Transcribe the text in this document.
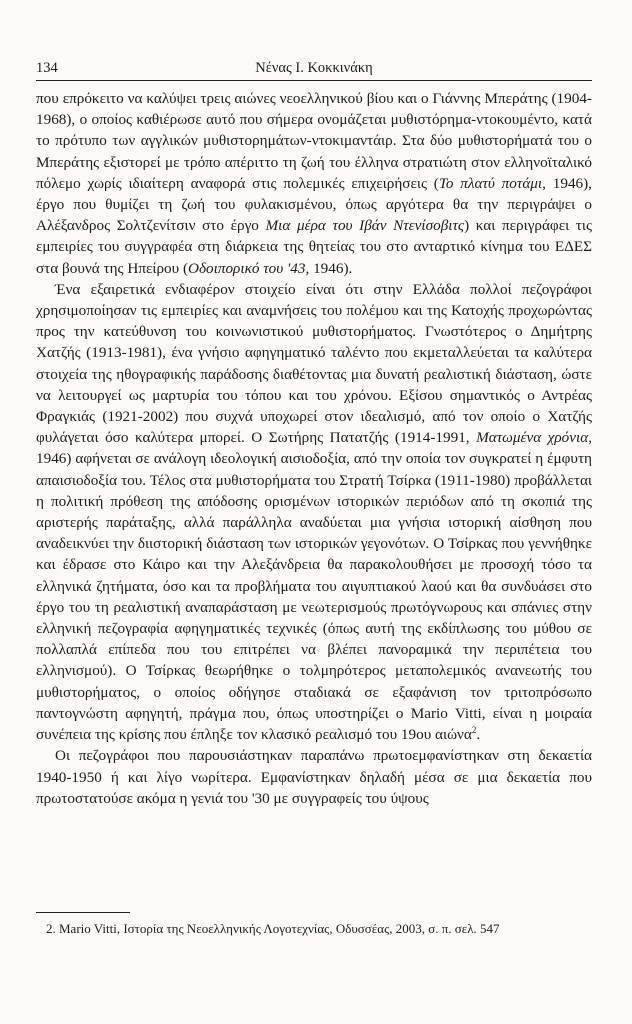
134	Νένας Ι. Κοκκινάκη

που επρόκειτο να καλύψει τρεις αιώνες νεοελληνικού βίου και ο Γιάννης Μπεράτης (1904-1968), ο οποίος καθιέρωσε αυτό που σήμερα ονομάζεται μυθιστόρημα-ντοκουμέντο, κατά το πρότυπο των αγγλικών μυθιστορημάτων-ντοκιμαντάιρ. Στα δύο μυθιστορήματά του ο Μπεράτης εξιστορεί με τρόπο απέριττο τη ζωή του έλληνα στρατιώτη στον ελληνοϊταλικό πόλεμο χωρίς ιδιαίτερη αναφορά στις πολεμικές επιχειρήσεις (Το πλατύ ποτάμι, 1946), έργο που θυμίζει τη ζωή του φυλακισμένου, όπως αργότερα θα την περιγράψει ο Αλέξανδρος Σολτζενίτσιν στο έργο Μια μέρα του Ιβάν Ντενίσοβιτς) και περιγράφει τις εμπειρίες του συγγραφέα στη διάρκεια της θητείας του στο ανταρτικό κίνημα του ΕΔΕΣ στα βουνά της Ηπείρου (Οδοιπορικό του '43, 1946).

Ένα εξαιρετικά ενδιαφέρον στοιχείο είναι ότι στην Ελλάδα πολλοί πεζογράφοι χρησιμοποίησαν τις εμπειρίες και αναμνήσεις του πολέμου και της Κατοχής προχωρώντας προς την κατεύθυνση του κοινωνιστικού μυθιστορήματος. Γνωστότερος ο Δημήτρης Χατζής (1913-1981), ένα γνήσιο αφηγηματικό ταλέντο που εκμεταλλεύεται τα καλύτερα στοιχεία της ηθογραφικής παράδοσης διαθέτοντας μια δυνατή ρεαλιστική διάσταση, ώστε να λειτουργεί ως μαρτυρία του τόπου και του χρόνου. Εξίσου σημαντικός ο Αντρέας Φραγκιάς (1921-2002) που συχνά υποχωρεί στον ιδεαλισμό, από τον οποίο ο Χατζής φυλάγεται όσο καλύτερα μπορεί. Ο Σωτήρης Πατατζής (1914-1991, Ματωμένα χρόνια, 1946) αφήνεται σε ανάλογη ιδεολογική αισιοδοξία, από την οποία τον συγκρατεί η έμφυτη απαισιοδοξία του. Τέλος στα μυθιστορήματα του Στρατή Τσίρκα (1911-1980) προβάλλεται η πολιτική πρόθεση της απόδοσης ορισμένων ιστορικών περιόδων από τη σκοπιά της αριστερής παράταξης, αλλά παράλληλα αναδύεται μια γνήσια ιστορική αίσθηση που αναδεικνύει την διιστορική διάσταση των ιστορικών γεγονότων. Ο Τσίρκας που γεννήθηκε και έδρασε στο Κάιρο και την Αλεξάνδρεια θα παρακολουθήσει με προσοχή τόσο τα ελληνικά ζητήματα, όσο και τα προβλήματα του αιγυπτιακού λαού και θα συνδυάσει στο έργο του τη ρεαλιστική αναπαράσταση με νεωτερισμούς πρωτόγνωρους και σπάνιες στην ελληνική πεζογραφία αφηγηματικές τεχνικές (όπως αυτή της εκδίπλωσης του μύθου σε πολλαπλά επίπεδα που του επιτρέπει να βλέπει πανοραμικά την περιπέτεια του ελληνισμού). Ο Τσίρκας θεωρήθηκε ο τολμηρότερος μεταπολεμικός ανανεωτής του μυθιστορήματος, ο οποίος οδήγησε σταδιακά σε εξαφάνιση τον τριτοπρόσωπο παντογνώστη αφηγητή, πράγμα που, όπως υποστηρίζει ο Mario Vitti, είναι η μοιραία συνέπεια της κρίσης που έπληξε τον κλασικό ρεαλισμό του 19ου αιώνα$^2$.

Οι πεζογράφοι που παρουσιάστηκαν παραπάνω πρωτοεμφανίστηκαν στη δεκαετία 1940-1950 ή και λίγο νωρίτερα. Εμφανίστηκαν δηλαδή μέσα σε μια δεκαετία που πρωτοστατούσε ακόμα η γενιά του '30 με συγγραφείς του ύψους

2. Mario Vitti, Ιστορία της Νεοελληνικής Λογοτεχνίας, Οδυσσέας, 2003, σ. π. σελ. 547
